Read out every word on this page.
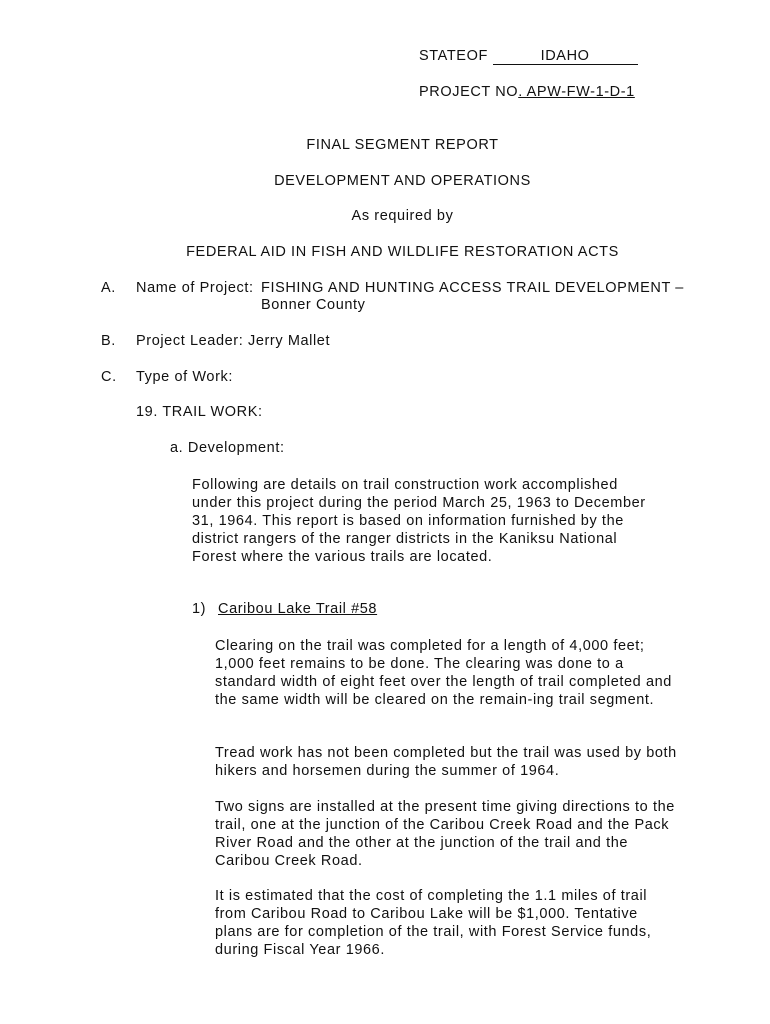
STATEOF	IDAHO
PROJECT NO. APW-FW-1-D-1
FINAL SEGMENT REPORT
DEVELOPMENT AND OPERATIONS
As required by
FEDERAL AID IN FISH AND WILDLIFE RESTORATION ACTS
A. Name of Project: FISHING AND HUNTING ACCESS TRAIL DEVELOPMENT –
Bonner County
B. Project Leader: Jerry Mallet
C. Type of Work:
19. TRAIL WORK:
a. Development:
Following are details on trail construction work accomplished under this project during the period March 25, 1963 to December 31, 1964. This report is based on information furnished by the district rangers of the ranger districts in the Kaniksu National Forest where the various trails are located.
1) Caribou Lake Trail #58
Clearing on the trail was completed for a length of 4,000 feet; 1,000 feet remains to be done. The clearing was done to a standard width of eight feet over the length of trail completed and the same width will be cleared on the remain-ing trail segment.
Tread work has not been completed but the trail was used by both hikers and horsemen during the summer of 1964.
Two signs are installed at the present time giving directions to the trail, one at the junction of the Caribou Creek Road and the Pack River Road and the other at the junction of the trail and the Caribou Creek Road.
It is estimated that the cost of completing the 1.1 miles of trail from Caribou Road to Caribou Lake will be $1,000. Tentative plans are for completion of the trail, with Forest Service funds, during Fiscal Year 1966.
